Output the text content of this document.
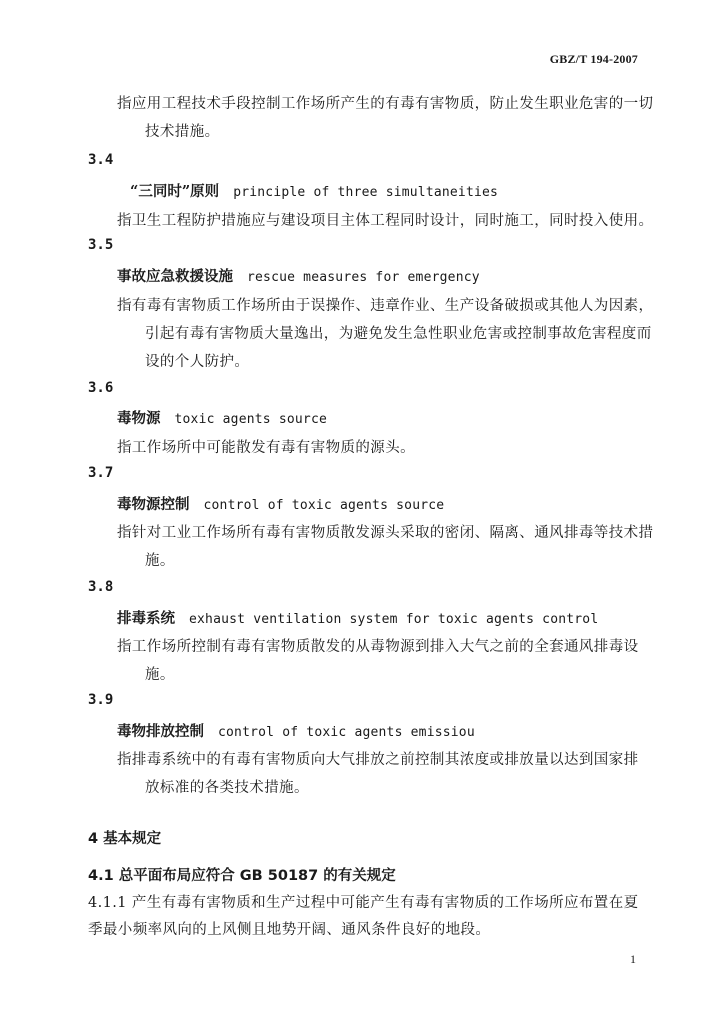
GBZ/T 194-2007
指应用工程技术手段控制工作场所产生的有毒有害物质，防止发生职业危害的一切
技术措施。
3.4
“三同时”原则 principle of three simultaneities
指卫生工程防护措施应与建设项目主体工程同时设计，同时施工，同时投入使用。
3.5
事故应急救援设施 rescue measures for emergency
指有毒有害物质工作场所由于误操作、违章作业、生产设备破损或其他人为因素，
引起有毒有害物质大量逸出，为避免发生急性职业危害或控制事故危害程度而
设的个人防护。
3.6
毒物源 toxic agents source
指工作场所中可能散发有毒有害物质的源头。
3.7
毒物源控制 control of toxic agents source
指针对工业工作场所有毒有害物质散发源头采取的密闭、隔离、通风排毒等技术措
施。
3.8
排毒系统 exhaust ventilation system for toxic agents control
指工作场所控制有毒有害物质散发的从毒物源到排入大气之前的全套通风排毒设
施。
3.9
毒物排放控制 control of toxic agents emissiou
指排毒系统中的有毒有害物质向大气排放之前控制其浓度或排放量以达到国家排
放标准的各类技术措施。
4 基本规定
4.1 总平面布局应符合 GB 50187 的有关规定
4.1.1 产生有毒有害物质和生产过程中可能产生有毒有害物质的工作场所应布置在夏
季最小频率风向的上风侧且地势开阔、通风条件良好的地段。
1
